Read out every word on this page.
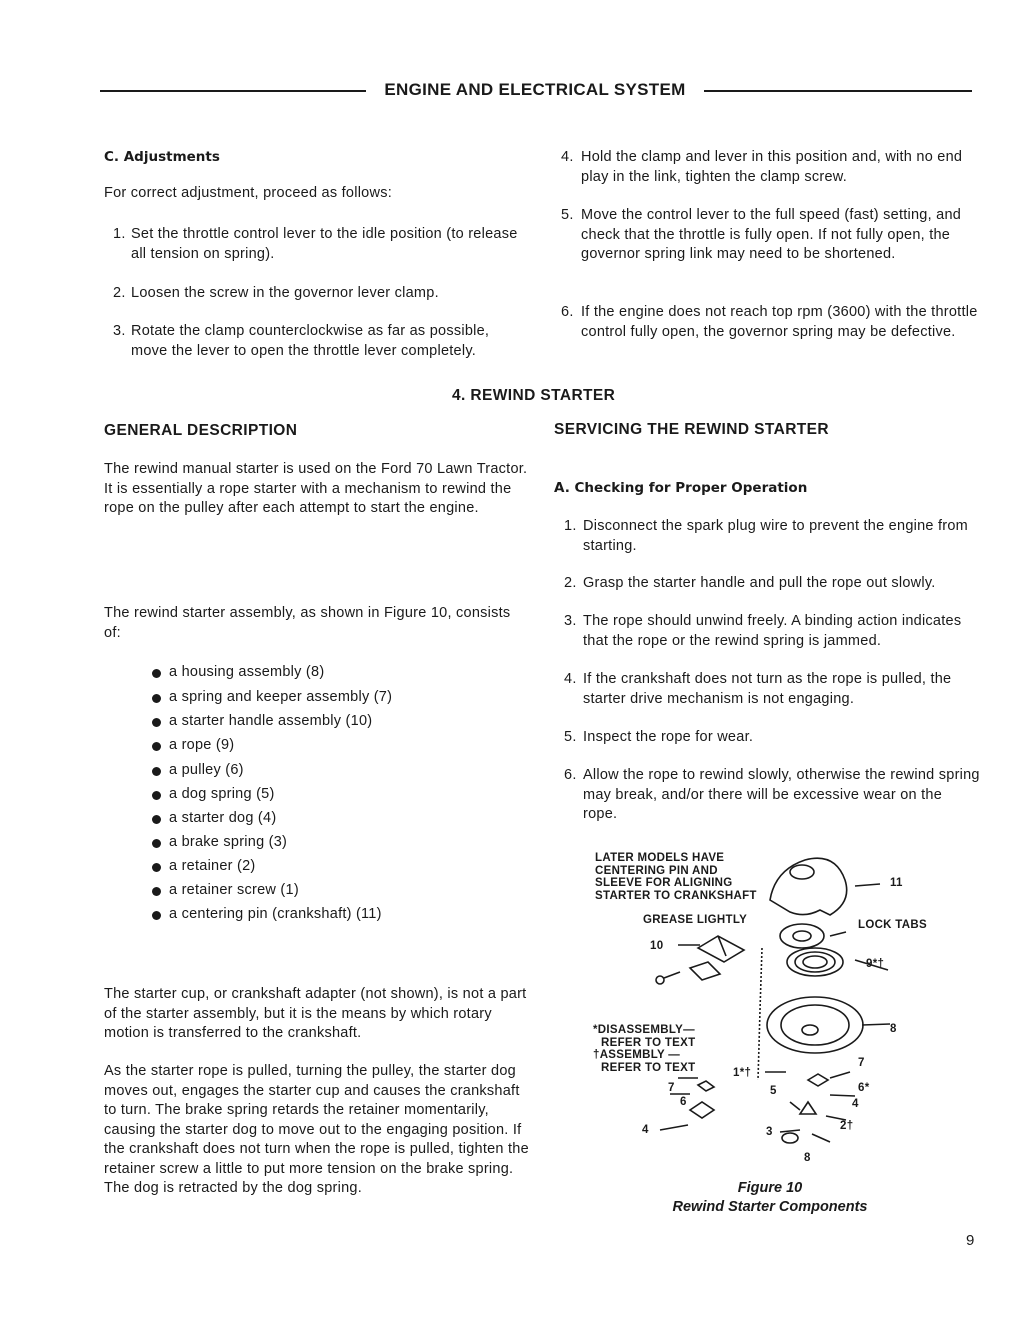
ENGINE AND ELECTRICAL SYSTEM
C. Adjustments
For correct adjustment, proceed as follows:
1. Set the throttle control lever to the idle position (to release all tension on spring).
2. Loosen the screw in the governor lever clamp.
3. Rotate the clamp counterclockwise as far as possible, move the lever to open the throttle lever completely.
4. Hold the clamp and lever in this position and, with no end play in the link, tighten the clamp screw.
5. Move the control lever to the full speed (fast) setting, and check that the throttle is fully open. If not fully open, the governor spring link may need to be shortened.
6. If the engine does not reach top rpm (3600) with the throttle control fully open, the governor spring may be defective.
4. REWIND STARTER
GENERAL DESCRIPTION
The rewind manual starter is used on the Ford 70 Lawn Tractor. It is essentially a rope starter with a mechanism to rewind the rope on the pulley after each attempt to start the engine.
The rewind starter assembly, as shown in Figure 10, consists of:
a housing assembly (8)
a spring and keeper assembly (7)
a starter handle assembly (10)
a rope (9)
a pulley (6)
a dog spring (5)
a starter dog (4)
a brake spring (3)
a retainer (2)
a retainer screw (1)
a centering pin (crankshaft) (11)
The starter cup, or crankshaft adapter (not shown), is not a part of the starter assembly, but it is the means by which rotary motion is transferred to the crankshaft.
As the starter rope is pulled, turning the pulley, the starter dog moves out, engages the starter cup and causes the crankshaft to turn. The brake spring retards the retainer momentarily, causing the starter dog to move out to the engaging position. If the crankshaft does not turn when the rope is pulled, tighten the retainer screw a little to put more tension on the brake spring. The dog is retracted by the dog spring.
SERVICING THE REWIND STARTER
A. Checking for Proper Operation
1. Disconnect the spark plug wire to prevent the engine from starting.
2. Grasp the starter handle and pull the rope out slowly.
3. The rope should unwind freely. A binding action indicates that the rope or the rewind spring is jammed.
4. If the crankshaft does not turn as the rope is pulled, the starter drive mechanism is not engaging.
5. Inspect the rope for wear.
6. Allow the rope to rewind slowly, otherwise the rewind spring may break, and/or there will be excessive wear on the rope.
LATER MODELS HAVE
CENTERING PIN AND
SLEEVE FOR ALIGNING
STARTER TO CRANKSHAFT
GREASE LIGHTLY	LOCK TABS
11
10
9*†
8
*DISASSEMBLY—
REFER TO TEXT
†ASSEMBLY —
REFER TO TEXT	1*†
7
6*
5
4
7
6
4	3	2†
8
Figure 10
Rewind Starter Components
9
